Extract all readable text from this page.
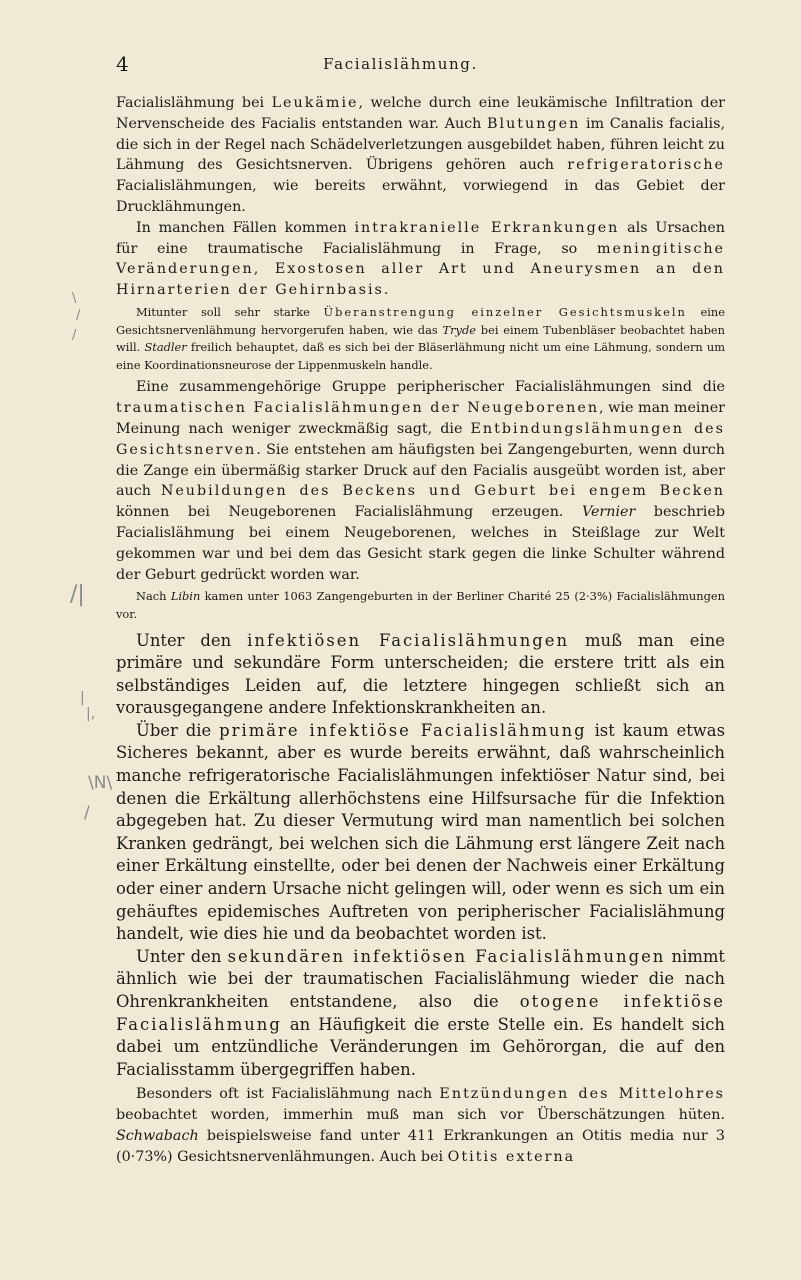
4	Facialislähmung.
\
/
/
/|
|
|,
\N\
/

Facialislähmung bei Leukämie, welche durch eine leukämische Infiltration der Nervenscheide des Facialis entstanden war. Auch Blutungen im Canalis facialis, die sich in der Regel nach Schädelverletzungen ausgebildet haben, führen leicht zu Lähmung des Gesichtsnerven. Übrigens gehören auch refrigeratorische Facialislähmungen, wie bereits erwähnt, vorwiegend in das Gebiet der Drucklähmungen.

In manchen Fällen kommen intrakranielle Erkrankungen als Ursachen für eine traumatische Facialislähmung in Frage, so meningitische Veränderungen, Exostosen aller Art und Aneurysmen an den Hirnarterien der Gehirnbasis.

Mitunter soll sehr starke Überanstrengung einzelner Gesichtsmuskeln eine Gesichtsnervenlähmung hervorgerufen haben, wie das Tryde bei einem Tubenbläser beobachtet haben will. Stadler freilich behauptet, daß es sich bei der Bläserlähmung nicht um eine Lähmung, sondern um eine Koordinationsneurose der Lippenmuskeln handle.

Eine zusammengehörige Gruppe peripherischer Facialislähmungen sind die traumatischen Facialislähmungen der Neugeborenen, wie man meiner Meinung nach weniger zweckmäßig sagt, die Entbindungslähmungen des Gesichtsnerven. Sie entstehen am häufigsten bei Zangengeburten, wenn durch die Zange ein übermäßig starker Druck auf den Facialis ausgeübt worden ist, aber auch Neubildungen des Beckens und Geburt bei engem Becken können bei Neugeborenen Facialislähmung erzeugen. Vernier beschrieb Facialislähmung bei einem Neugeborenen, welches in Steißlage zur Welt gekommen war und bei dem das Gesicht stark gegen die linke Schulter während der Geburt gedrückt worden war.

Nach Libin kamen unter 1063 Zangengeburten in der Berliner Charité 25 (2·3%) Facialislähmungen vor.

Unter den infektiösen Facialislähmungen muß man eine primäre und sekundäre Form unterscheiden; die erstere tritt als ein selbständiges Leiden auf, die letztere hingegen schließt sich an vorausgegangene andere Infektionskrankheiten an.

Über die primäre infektiöse Facialislähmung ist kaum etwas Sicheres bekannt, aber es wurde bereits erwähnt, daß wahrscheinlich manche refrigeratorische Facialislähmungen infektiöser Natur sind, bei denen die Erkältung allerhöchstens eine Hilfsursache für die Infektion abgegeben hat. Zu dieser Vermutung wird man namentlich bei solchen Kranken gedrängt, bei welchen sich die Lähmung erst längere Zeit nach einer Erkältung einstellte, oder bei denen der Nachweis einer Erkältung oder einer andern Ursache nicht gelingen will, oder wenn es sich um ein gehäuftes epidemisches Auftreten von peripherischer Facialislähmung handelt, wie dies hie und da beobachtet worden ist.

Unter den sekundären infektiösen Facialislähmungen nimmt ähnlich wie bei der traumatischen Facialislähmung wieder die nach Ohrenkrankheiten entstandene, also die otogene infektiöse Facialislähmung an Häufigkeit die erste Stelle ein. Es handelt sich dabei um entzündliche Veränderungen im Gehörorgan, die auf den Facialisstamm übergegriffen haben.

Besonders oft ist Facialislähmung nach Entzündungen des Mittelohres beobachtet worden, immerhin muß man sich vor Überschätzungen hüten. Schwabach beispielsweise fand unter 411 Erkrankungen an Otitis media nur 3 (0·73%) Gesichtsnervenlähmungen. Auch bei Otitis externa
